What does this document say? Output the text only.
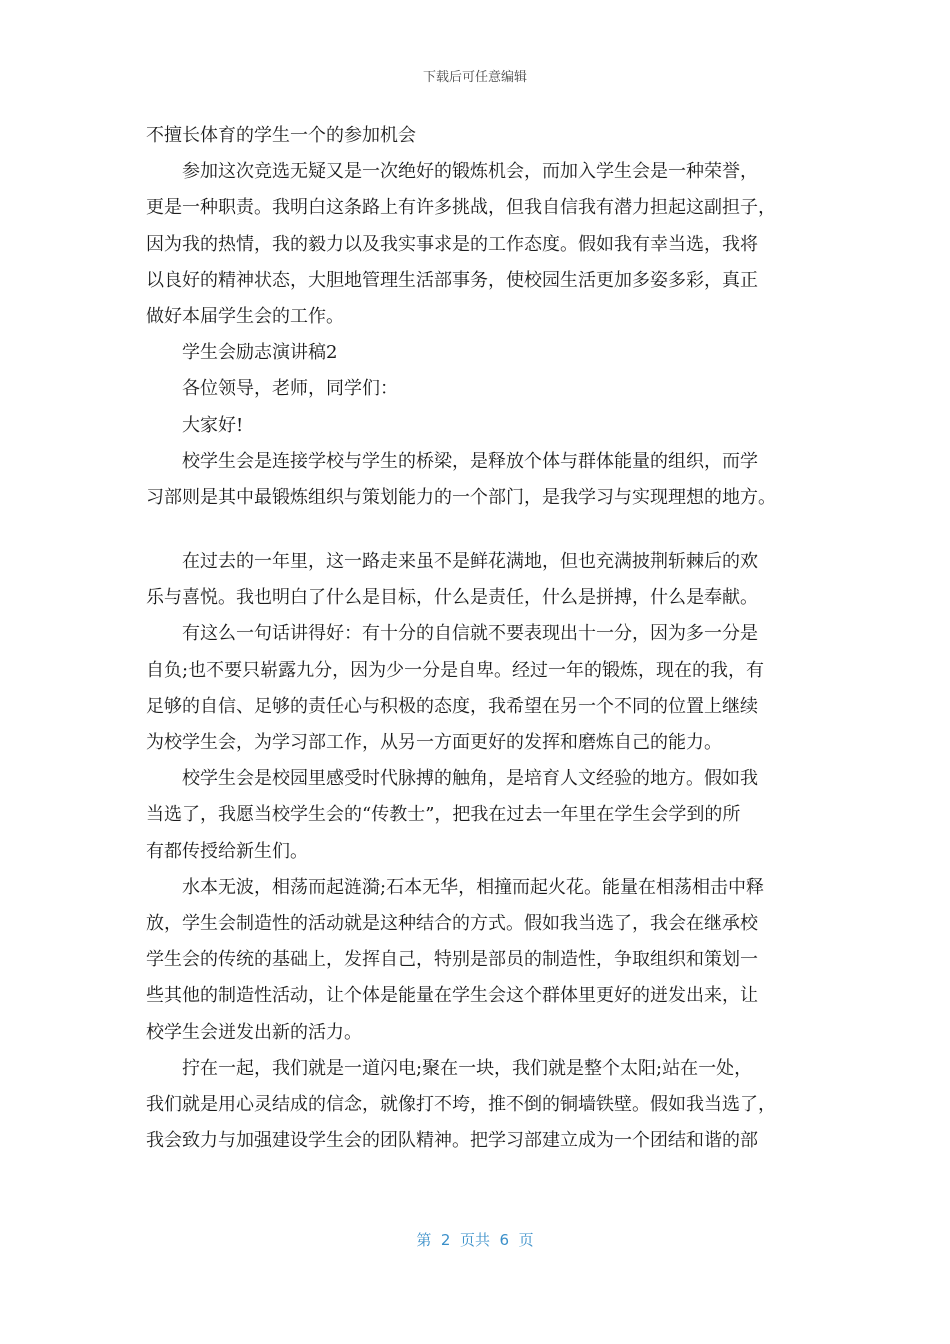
下载后可任意编辑
不擅长体育的学生一个的参加机会
　　参加这次竞选无疑又是一次绝好的锻炼机会，而加入学生会是一种荣誉，
更是一种职责。我明白这条路上有许多挑战，但我自信我有潜力担起这副担子，
因为我的热情，我的毅力以及我实事求是的工作态度。假如我有幸当选，我将
以良好的精神状态，大胆地管理生活部事务，使校园生活更加多姿多彩，真正
做好本届学生会的工作。
　　学生会励志演讲稿2
　　各位领导，老师，同学们：
　　大家好!
　　校学生会是连接学校与学生的桥梁，是释放个体与群体能量的组织，而学
习部则是其中最锻炼组织与策划能力的一个部门，是我学习与实现理想的地方。
　　在过去的一年里，这一路走来虽不是鲜花满地，但也充满披荆斩棘后的欢
乐与喜悦。我也明白了什么是目标，什么是责任，什么是拼搏，什么是奉献。
　　有这么一句话讲得好：有十分的自信就不要表现出十一分，因为多一分是
自负;也不要只崭露九分，因为少一分是自卑。经过一年的锻炼，现在的我，有
足够的自信、足够的责任心与积极的态度，我希望在另一个不同的位置上继续
为校学生会，为学习部工作，从另一方面更好的发挥和磨炼自己的能力。
　　校学生会是校园里感受时代脉搏的触角，是培育人文经验的地方。假如我
当选了，我愿当校学生会的“传教士”，把我在过去一年里在学生会学到的所
有都传授给新生们。
　　水本无波，相荡而起涟漪;石本无华，相撞而起火花。能量在相荡相击中释
放，学生会制造性的活动就是这种结合的方式。假如我当选了，我会在继承校
学生会的传统的基础上，发挥自己，特别是部员的制造性，争取组织和策划一
些其他的制造性活动，让个体是能量在学生会这个群体里更好的迸发出来，让
校学生会迸发出新的活力。
　　拧在一起，我们就是一道闪电;聚在一块，我们就是整个太阳;站在一处，
我们就是用心灵结成的信念，就像打不垮，推不倒的铜墙铁壁。假如我当选了，
我会致力与加强建设学生会的团队精神。把学习部建立成为一个团结和谐的部
第  2  页共  6  页
